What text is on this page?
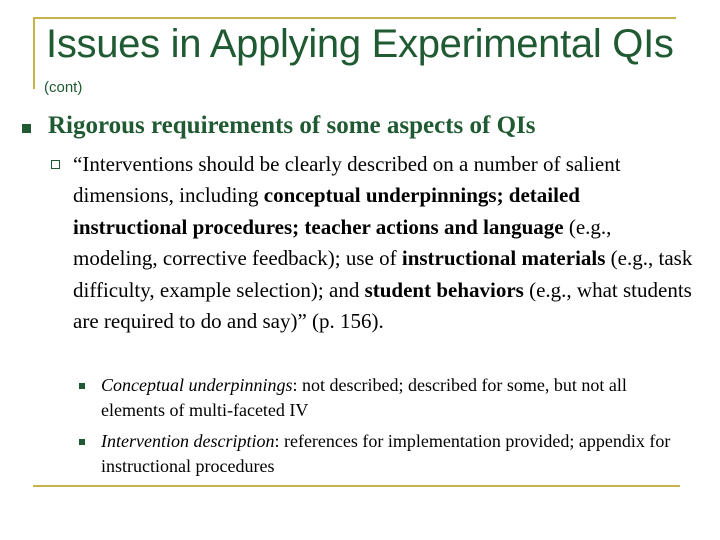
Issues in Applying Experimental QIs

(cont)

Rigorous requirements of some aspects of QIs

“Interventions should be clearly described on a number of salient dimensions, including conceptual underpinnings; detailed instructional procedures; teacher actions and language (e.g., modeling, corrective feedback); use of instructional materials (e.g., task difficulty, example selection); and student behaviors (e.g., what students are required to do and say)” (p. 156).

Conceptual underpinnings: not described; described for some, but not all elements of multi-faceted IV

Intervention description: references for implementation provided; appendix for instructional procedures
